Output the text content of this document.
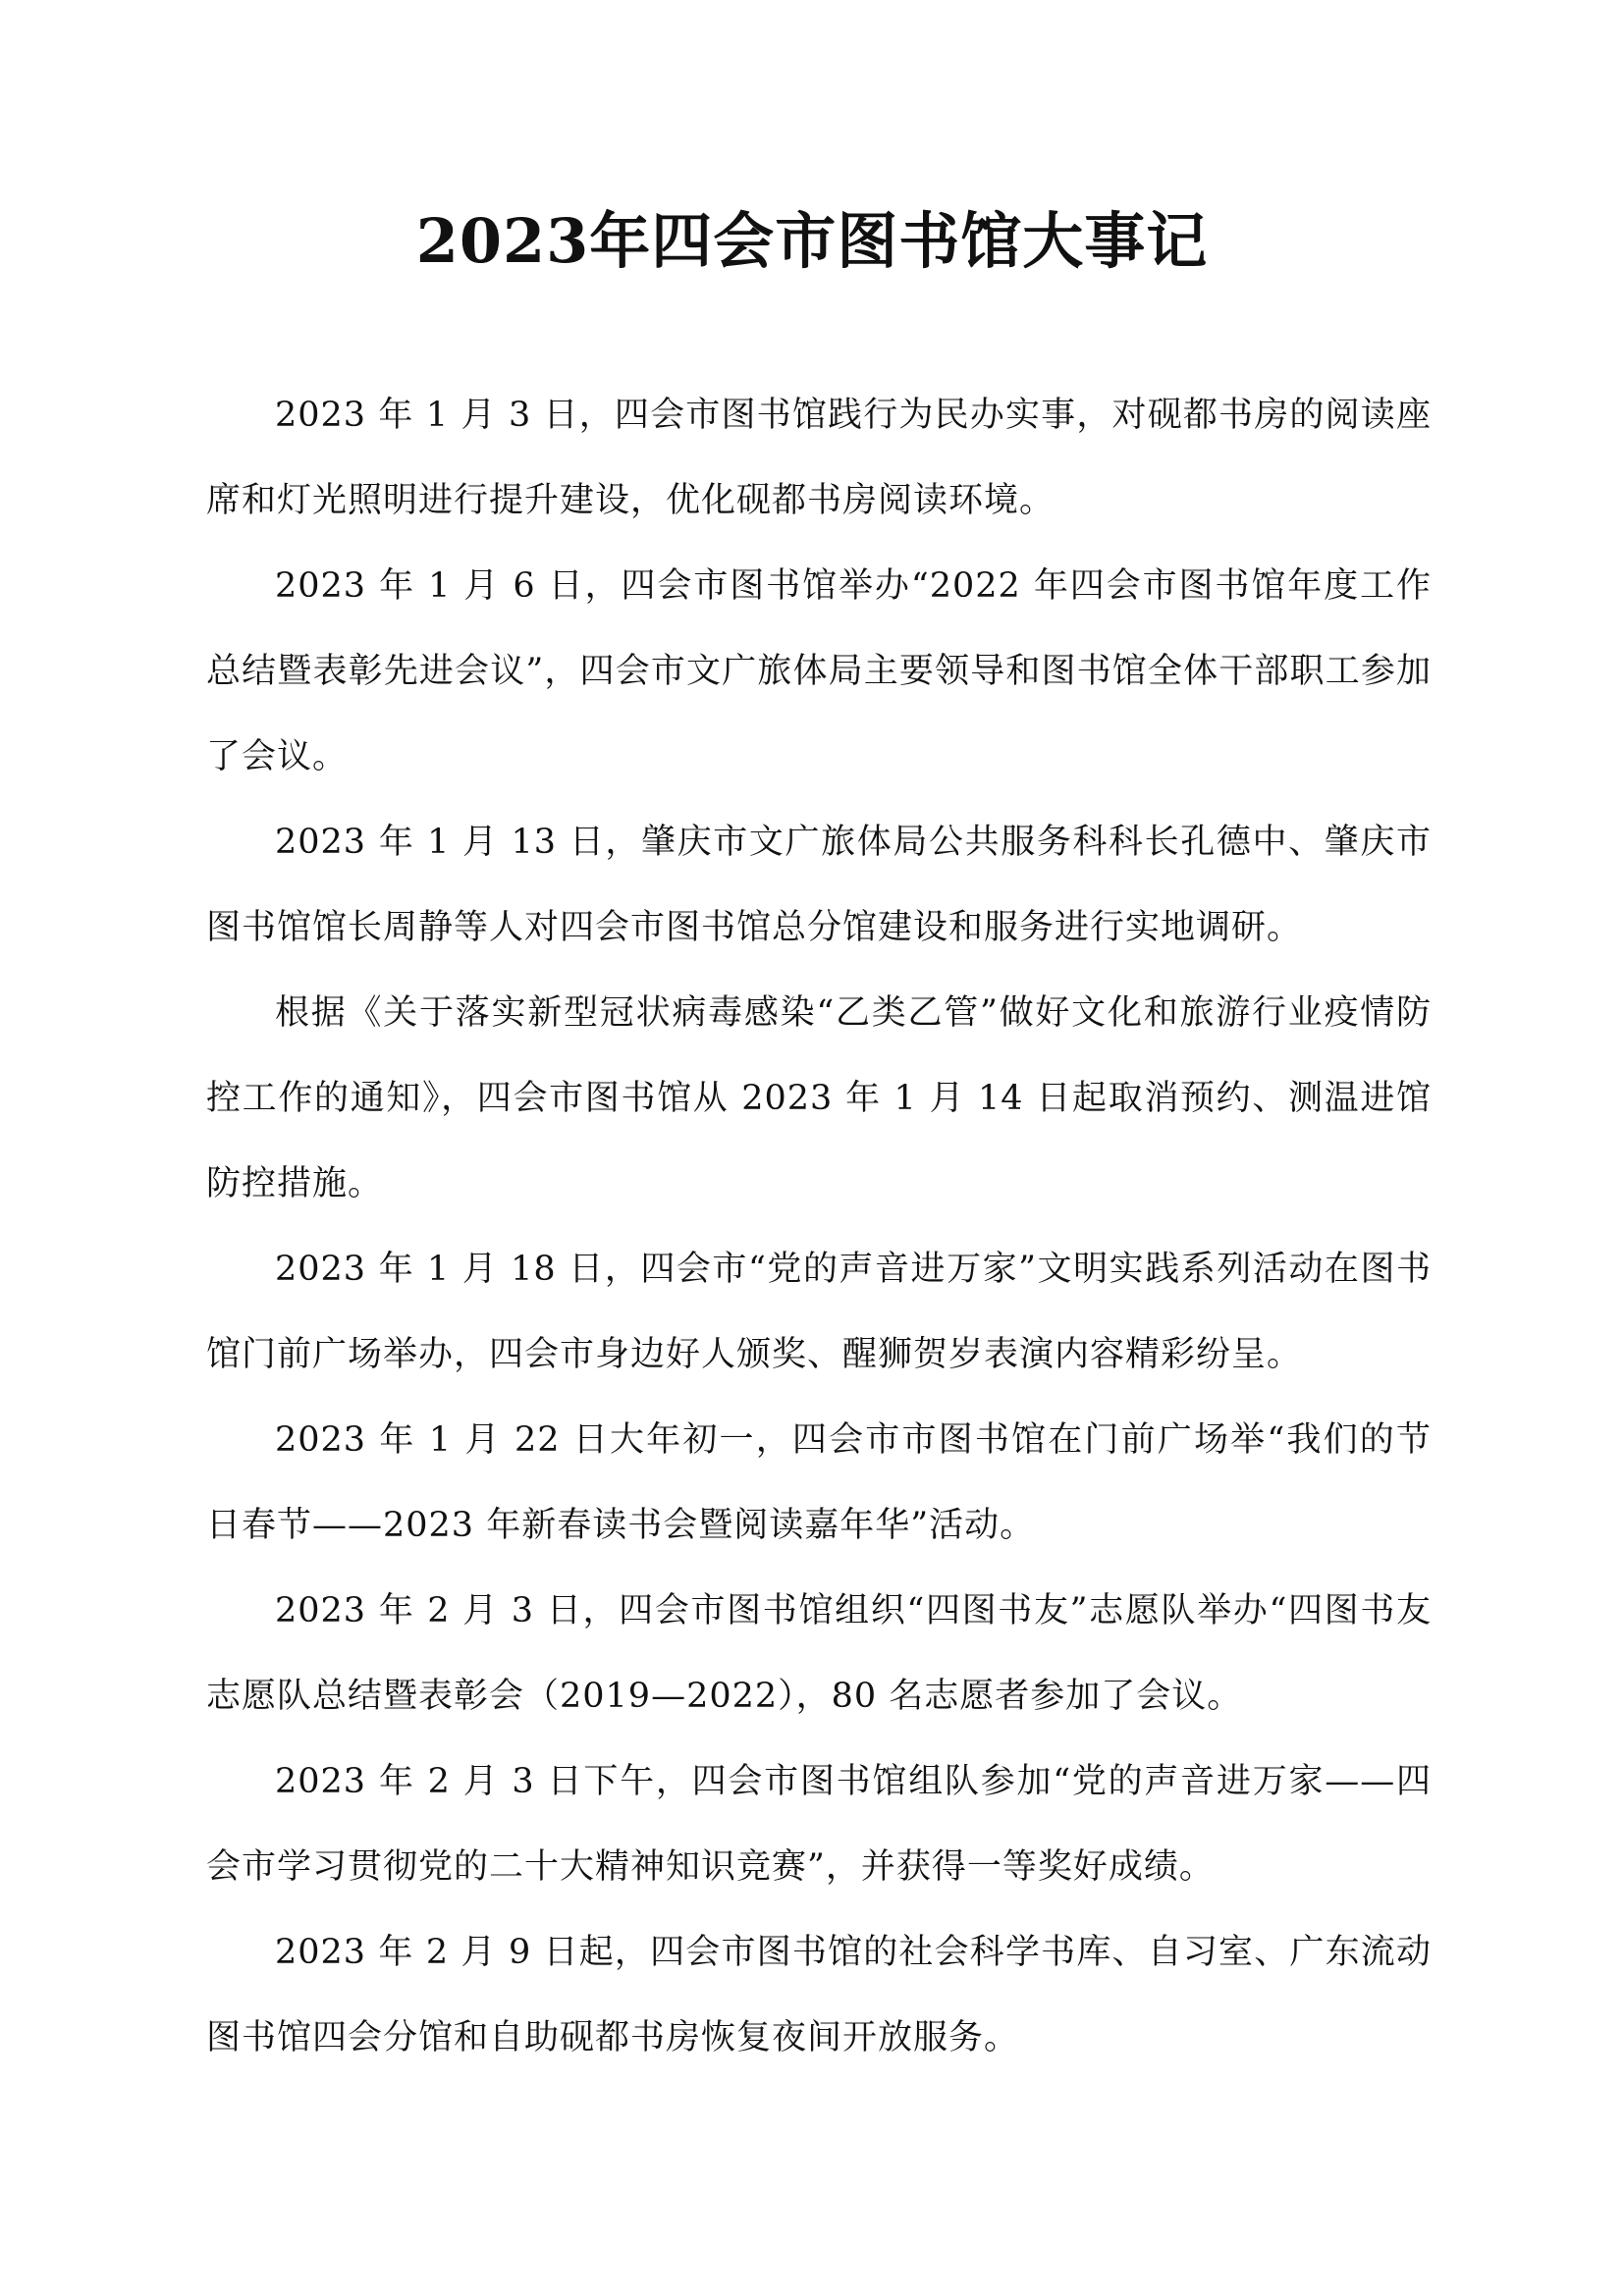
2023年四会市图书馆大事记

2023 年 1 月 3 日，四会市图书馆践行为民办实事，对砚都书房的阅读座席和灯光照明进行提升建设，优化砚都书房阅读环境。

2023 年 1 月 6 日，四会市图书馆举办“2022 年四会市图书馆年度工作总结暨表彰先进会议”，四会市文广旅体局主要领导和图书馆全体干部职工参加了会议。

2023 年 1 月 13 日，肇庆市文广旅体局公共服务科科长孔德中、肇庆市图书馆馆长周静等人对四会市图书馆总分馆建设和服务进行实地调研。

根据《关于落实新型冠状病毒感染“乙类乙管”做好文化和旅游行业疫情防控工作的通知》，四会市图书馆从 2023 年 1 月 14 日起取消预约、测温进馆防控措施。

2023 年 1 月 18 日，四会市“党的声音进万家”文明实践系列活动在图书馆门前广场举办，四会市身边好人颁奖、醒狮贺岁表演内容精彩纷呈。

2023 年 1 月 22 日大年初一，四会市市图书馆在门前广场举“我们的节日春节——2023 年新春读书会暨阅读嘉年华”活动。

2023 年 2 月 3 日，四会市图书馆组织“四图书友”志愿队举办“四图书友志愿队总结暨表彰会（2019—2022），80 名志愿者参加了会议。

2023 年 2 月 3 日下午，四会市图书馆组队参加“党的声音进万家——四会市学习贯彻党的二十大精神知识竞赛”，并获得一等奖好成绩。

2023 年 2 月 9 日起，四会市图书馆的社会科学书库、自习室、广东流动图书馆四会分馆和自助砚都书房恢复夜间开放服务。
